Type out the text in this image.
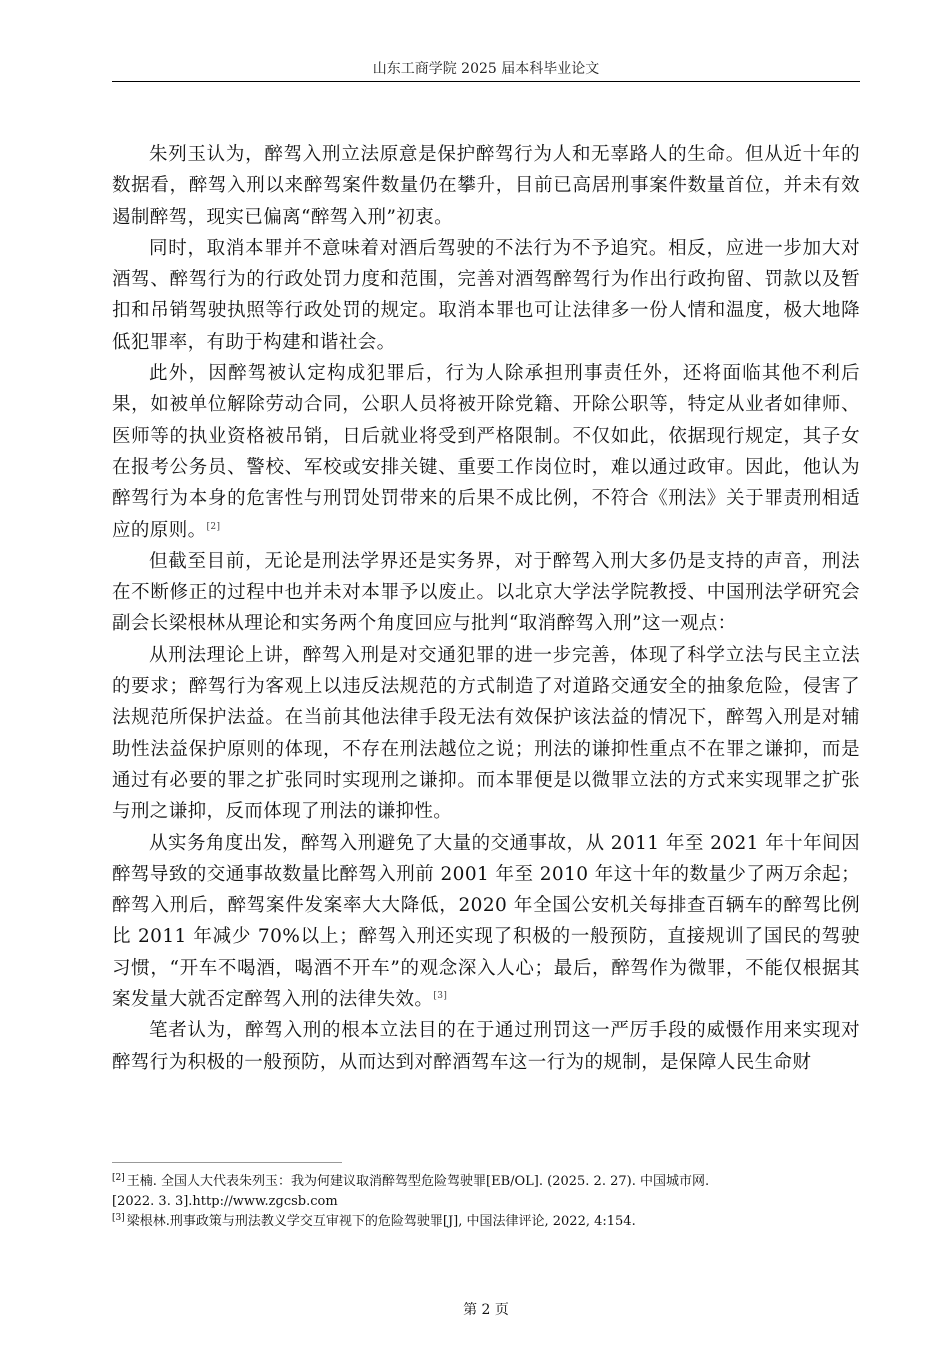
山东工商学院 2025 届本科毕业论文

朱列玉认为，醉驾入刑立法原意是保护醉驾行为人和无辜路人的生命。但从近十年的数据看，醉驾入刑以来醉驾案件数量仍在攀升，目前已高居刑事案件数量首位，并未有效遏制醉驾，现实已偏离“醉驾入刑”初衷。

同时，取消本罪并不意味着对酒后驾驶的不法行为不予追究。相反，应进一步加大对酒驾、醉驾行为的行政处罚力度和范围，完善对酒驾醉驾行为作出行政拘留、罚款以及暂扣和吊销驾驶执照等行政处罚的规定。取消本罪也可让法律多一份人情和温度，极大地降低犯罪率，有助于构建和谐社会。

此外，因醉驾被认定构成犯罪后，行为人除承担刑事责任外，还将面临其他不利后果，如被单位解除劳动合同，公职人员将被开除党籍、开除公职等，特定从业者如律师、医师等的执业资格被吊销，日后就业将受到严格限制。不仅如此，依据现行规定，其子女在报考公务员、警校、军校或安排关键、重要工作岗位时，难以通过政审。因此，他认为醉驾行为本身的危害性与刑罚处罚带来的后果不成比例，不符合《刑法》关于罪责刑相适应的原则。[2]

但截至目前，无论是刑法学界还是实务界，对于醉驾入刑大多仍是支持的声音，刑法在不断修正的过程中也并未对本罪予以废止。以北京大学法学院教授、中国刑法学研究会副会长梁根林从理论和实务两个角度回应与批判“取消醉驾入刑”这一观点：

从刑法理论上讲，醉驾入刑是对交通犯罪的进一步完善，体现了科学立法与民主立法的要求；醉驾行为客观上以违反法规范的方式制造了对道路交通安全的抽象危险，侵害了法规范所保护法益。在当前其他法律手段无法有效保护该法益的情况下，醉驾入刑是对辅助性法益保护原则的体现，不存在刑法越位之说；刑法的谦抑性重点不在罪之谦抑，而是通过有必要的罪之扩张同时实现刑之谦抑。而本罪便是以微罪立法的方式来实现罪之扩张与刑之谦抑，反而体现了刑法的谦抑性。

从实务角度出发，醉驾入刑避免了大量的交通事故，从 2011 年至 2021 年十年间因醉驾导致的交通事故数量比醉驾入刑前 2001 年至 2010 年这十年的数量少了两万余起；醉驾入刑后，醉驾案件发案率大大降低，2020 年全国公安机关每排查百辆车的醉驾比例比 2011 年减少 70%以上；醉驾入刑还实现了积极的一般预防，直接规训了国民的驾驶习惯，“开车不喝酒，喝酒不开车”的观念深入人心；最后，醉驾作为微罪，不能仅根据其案发量大就否定醉驾入刑的法律失效。[3]

笔者认为，醉驾入刑的根本立法目的在于通过刑罚这一严厉手段的威慑作用来实现对醉驾行为积极的一般预防，从而达到对醉酒驾车这一行为的规制，是保障人民生命财

[2] 王楠. 全国人大代表朱列玉：我为何建议取消醉驾型危险驾驶罪[EB/OL]. (2025. 2. 27). 中国城市网. [2022. 3. 3].http://www.zgcsb.com
[3] 梁根林.刑事政策与刑法教义学交互审视下的危险驾驶罪[J], 中国法律评论, 2022, 4:154.
第 2 页
